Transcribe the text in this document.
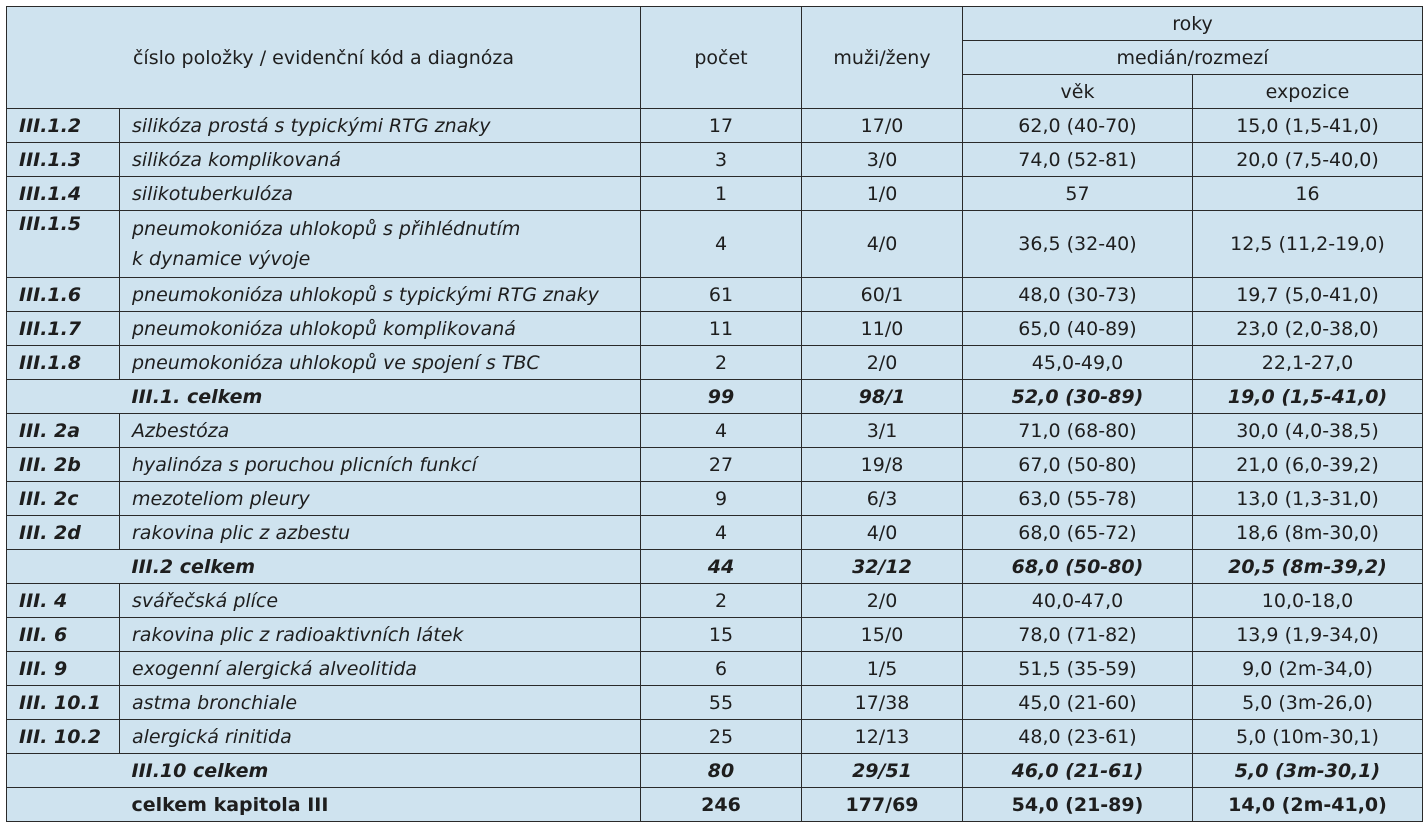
číslo položky / evidenční kód a diagnóza		počet	muži/ženy	roky	
				medián/rozmezí	
				věk	expozice
III.1.2	silikóza prostá s typickými RTG znaky	17	17/0	62,0 (40-70)	15,0 (1,5-41,0)
III.1.3	silikóza komplikovaná	3	3/0	74,0 (52-81)	20,0 (7,5-40,0)
III.1.4	silikotuberkulóza	1	1/0	57	16
III.1.5	pneumokonióza uhlokopů s přihlédnutím
k dynamice vývoje	4	4/0	36,5 (32-40)	12,5 (11,2-19,0)
III.1.6	pneumokonióza uhlokopů s typickými RTG znaky	61	60/1	48,0 (30-73)	19,7 (5,0-41,0)
III.1.7	pneumokonióza uhlokopů komplikovaná	11	11/0	65,0 (40-89)	23,0 (2,0-38,0)
III.1.8	pneumokonióza uhlokopů ve spojení s TBC	2	2/0	45,0-49,0	22,1-27,0
	III.1. celkem	99	98/1	52,0 (30-89)	19,0 (1,5-41,0)
III. 2a	Azbestóza	4	3/1	71,0 (68-80)	30,0 (4,0-38,5)
III. 2b	hyalinóza s poruchou plicních funkcí	27	19/8	67,0 (50-80)	21,0 (6,0-39,2)
III. 2c	mezoteliom pleury	9	6/3	63,0 (55-78)	13,0 (1,3-31,0)
III. 2d	rakovina plic z azbestu	4	4/0	68,0 (65-72)	18,6 (8m-30,0)
	III.2 celkem	44	32/12	68,0 (50-80)	20,5 (8m-39,2)
III. 4	svářečská plíce	2	2/0	40,0-47,0	10,0-18,0
III. 6	rakovina plic z radioaktivních látek	15	15/0	78,0 (71-82)	13,9 (1,9-34,0)
III. 9	exogenní alergická alveolitida	6	1/5	51,5 (35-59)	9,0 (2m-34,0)
III. 10.1	astma bronchiale	55	17/38	45,0 (21-60)	5,0 (3m-26,0)
III. 10.2	alergická rinitida	25	12/13	48,0 (23-61)	5,0 (10m-30,1)
	III.10 celkem	80	29/51	46,0 (21-61)	5,0 (3m-30,1)
	celkem kapitola III	246	177/69	54,0 (21-89)	14,0 (2m-41,0)
